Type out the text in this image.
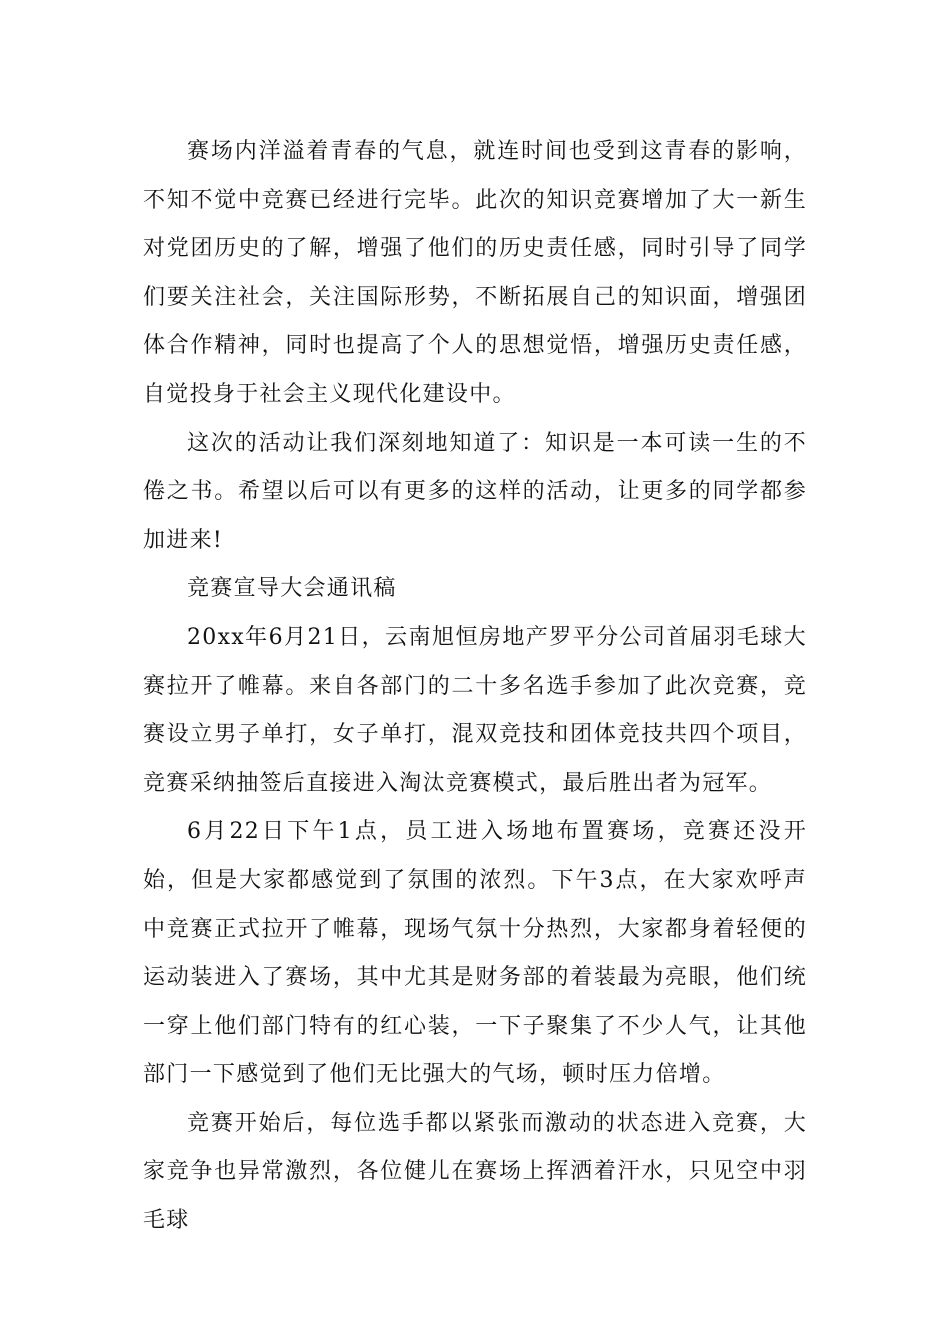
赛场内洋溢着青春的气息，就连时间也受到这青春的影响，不知不觉中竞赛已经进行完毕。此次的知识竞赛增加了大一新生对党团历史的了解，增强了他们的历史责任感，同时引导了同学们要关注社会，关注国际形势，不断拓展自己的知识面，增强团体合作精神，同时也提高了个人的思想觉悟，增强历史责任感，自觉投身于社会主义现代化建设中。

这次的活动让我们深刻地知道了：知识是一本可读一生的不倦之书。希望以后可以有更多的这样的活动，让更多的同学都参加进来!

竞赛宣导大会通讯稿

20xx年6月21日，云南旭恒房地产罗平分公司首届羽毛球大赛拉开了帷幕。来自各部门的二十多名选手参加了此次竞赛，竞赛设立男子单打，女子单打，混双竞技和团体竞技共四个项目，竞赛采纳抽签后直接进入淘汰竞赛模式，最后胜出者为冠军。

6月22日下午1点，员工进入场地布置赛场，竞赛还没开始，但是大家都感觉到了氛围的浓烈。下午3点，在大家欢呼声中竞赛正式拉开了帷幕，现场气氛十分热烈，大家都身着轻便的运动装进入了赛场，其中尤其是财务部的着装最为亮眼，他们统一穿上他们部门特有的红心装，一下子聚集了不少人气，让其他部门一下感觉到了他们无比强大的气场，顿时压力倍增。

竞赛开始后，每位选手都以紧张而激动的状态进入竞赛，大家竞争也异常激烈，各位健儿在赛场上挥洒着汗水，只见空中羽毛球
